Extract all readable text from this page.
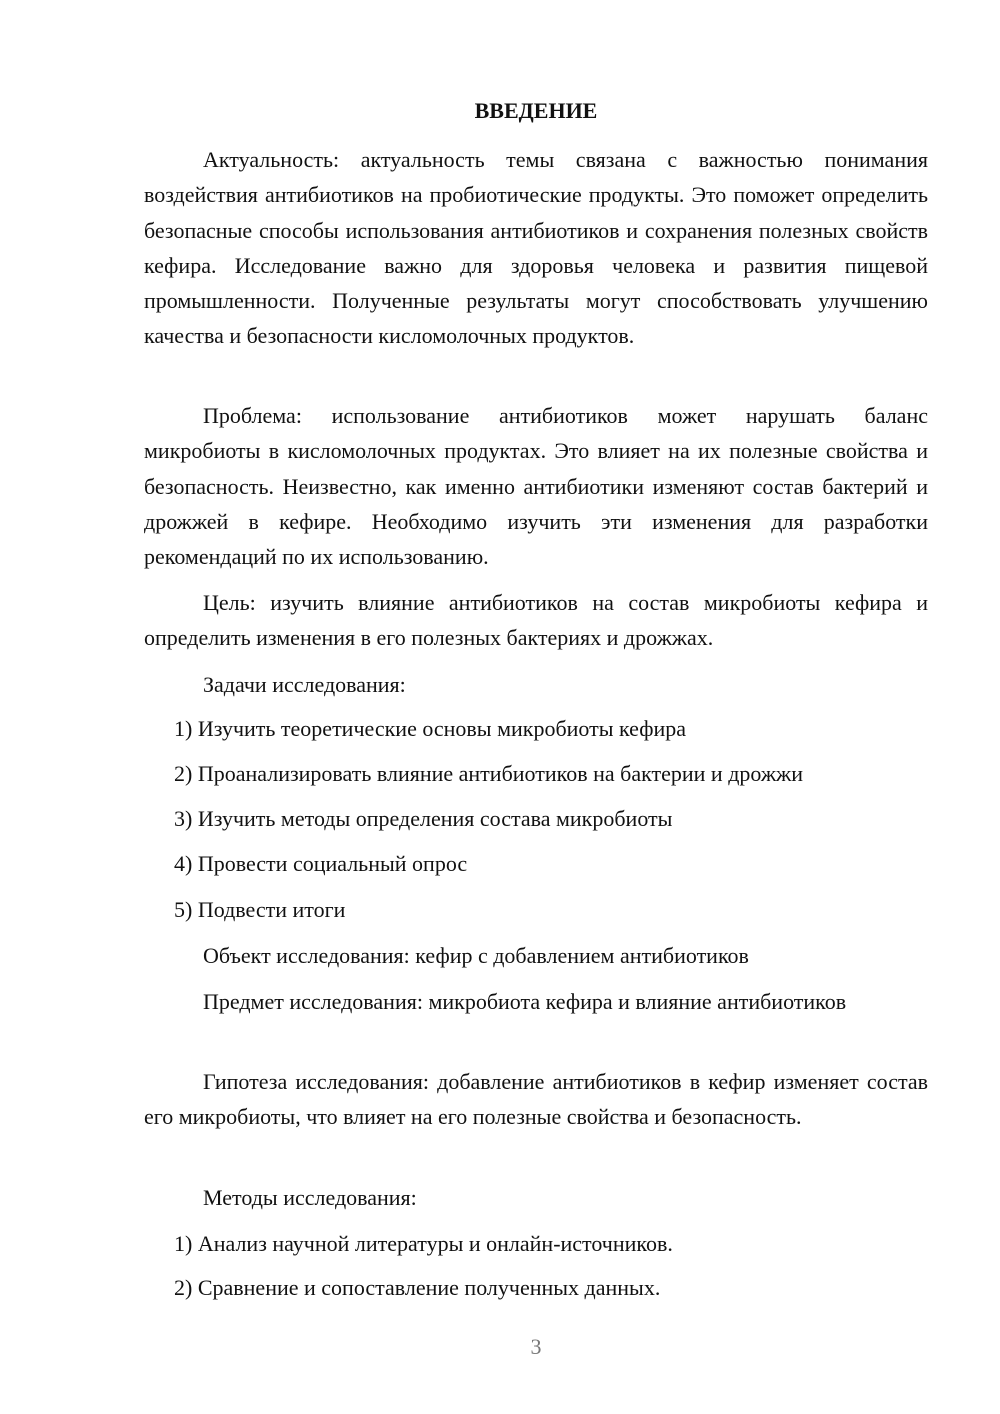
ВВЕДЕНИЕ

Актуальность: актуальность темы связана с важностью понимания воздействия антибиотиков на пробиотические продукты. Это поможет определить безопасные способы использования антибиотиков и сохранения полезных свойств кефира. Исследование важно для здоровья человека и развития пищевой промышленности. Полученные результаты могут способствовать улучшению качества и безопасности кисломолочных продуктов.

Проблема: использование антибиотиков может нарушать баланс микробиоты в кисломолочных продуктах. Это влияет на их полезные свойства и безопасность. Неизвестно, как именно антибиотики изменяют состав бактерий и дрожжей в кефире. Необходимо изучить эти изменения для разработки рекомендаций по их использованию.

Цель: изучить влияние антибиотиков на состав микробиоты кефира и определить изменения в его полезных бактериях и дрожжах.

Задачи исследования:

1) Изучить теоретические основы микробиоты кефира

2) Проанализировать влияние антибиотиков на бактерии и дрожжи

3) Изучить методы определения состава микробиоты

4) Провести социальный опрос

5) Подвести итоги

Объект исследования: кефир с добавлением антибиотиков

Предмет исследования: микробиота кефира и влияние антибиотиков

Гипотеза исследования: добавление антибиотиков в кефир изменяет состав его микробиоты, что влияет на его полезные свойства и безопасность.

Методы исследования:

1) Анализ научной литературы и онлайн-источников.

2) Сравнение и сопоставление полученных данных.

3
